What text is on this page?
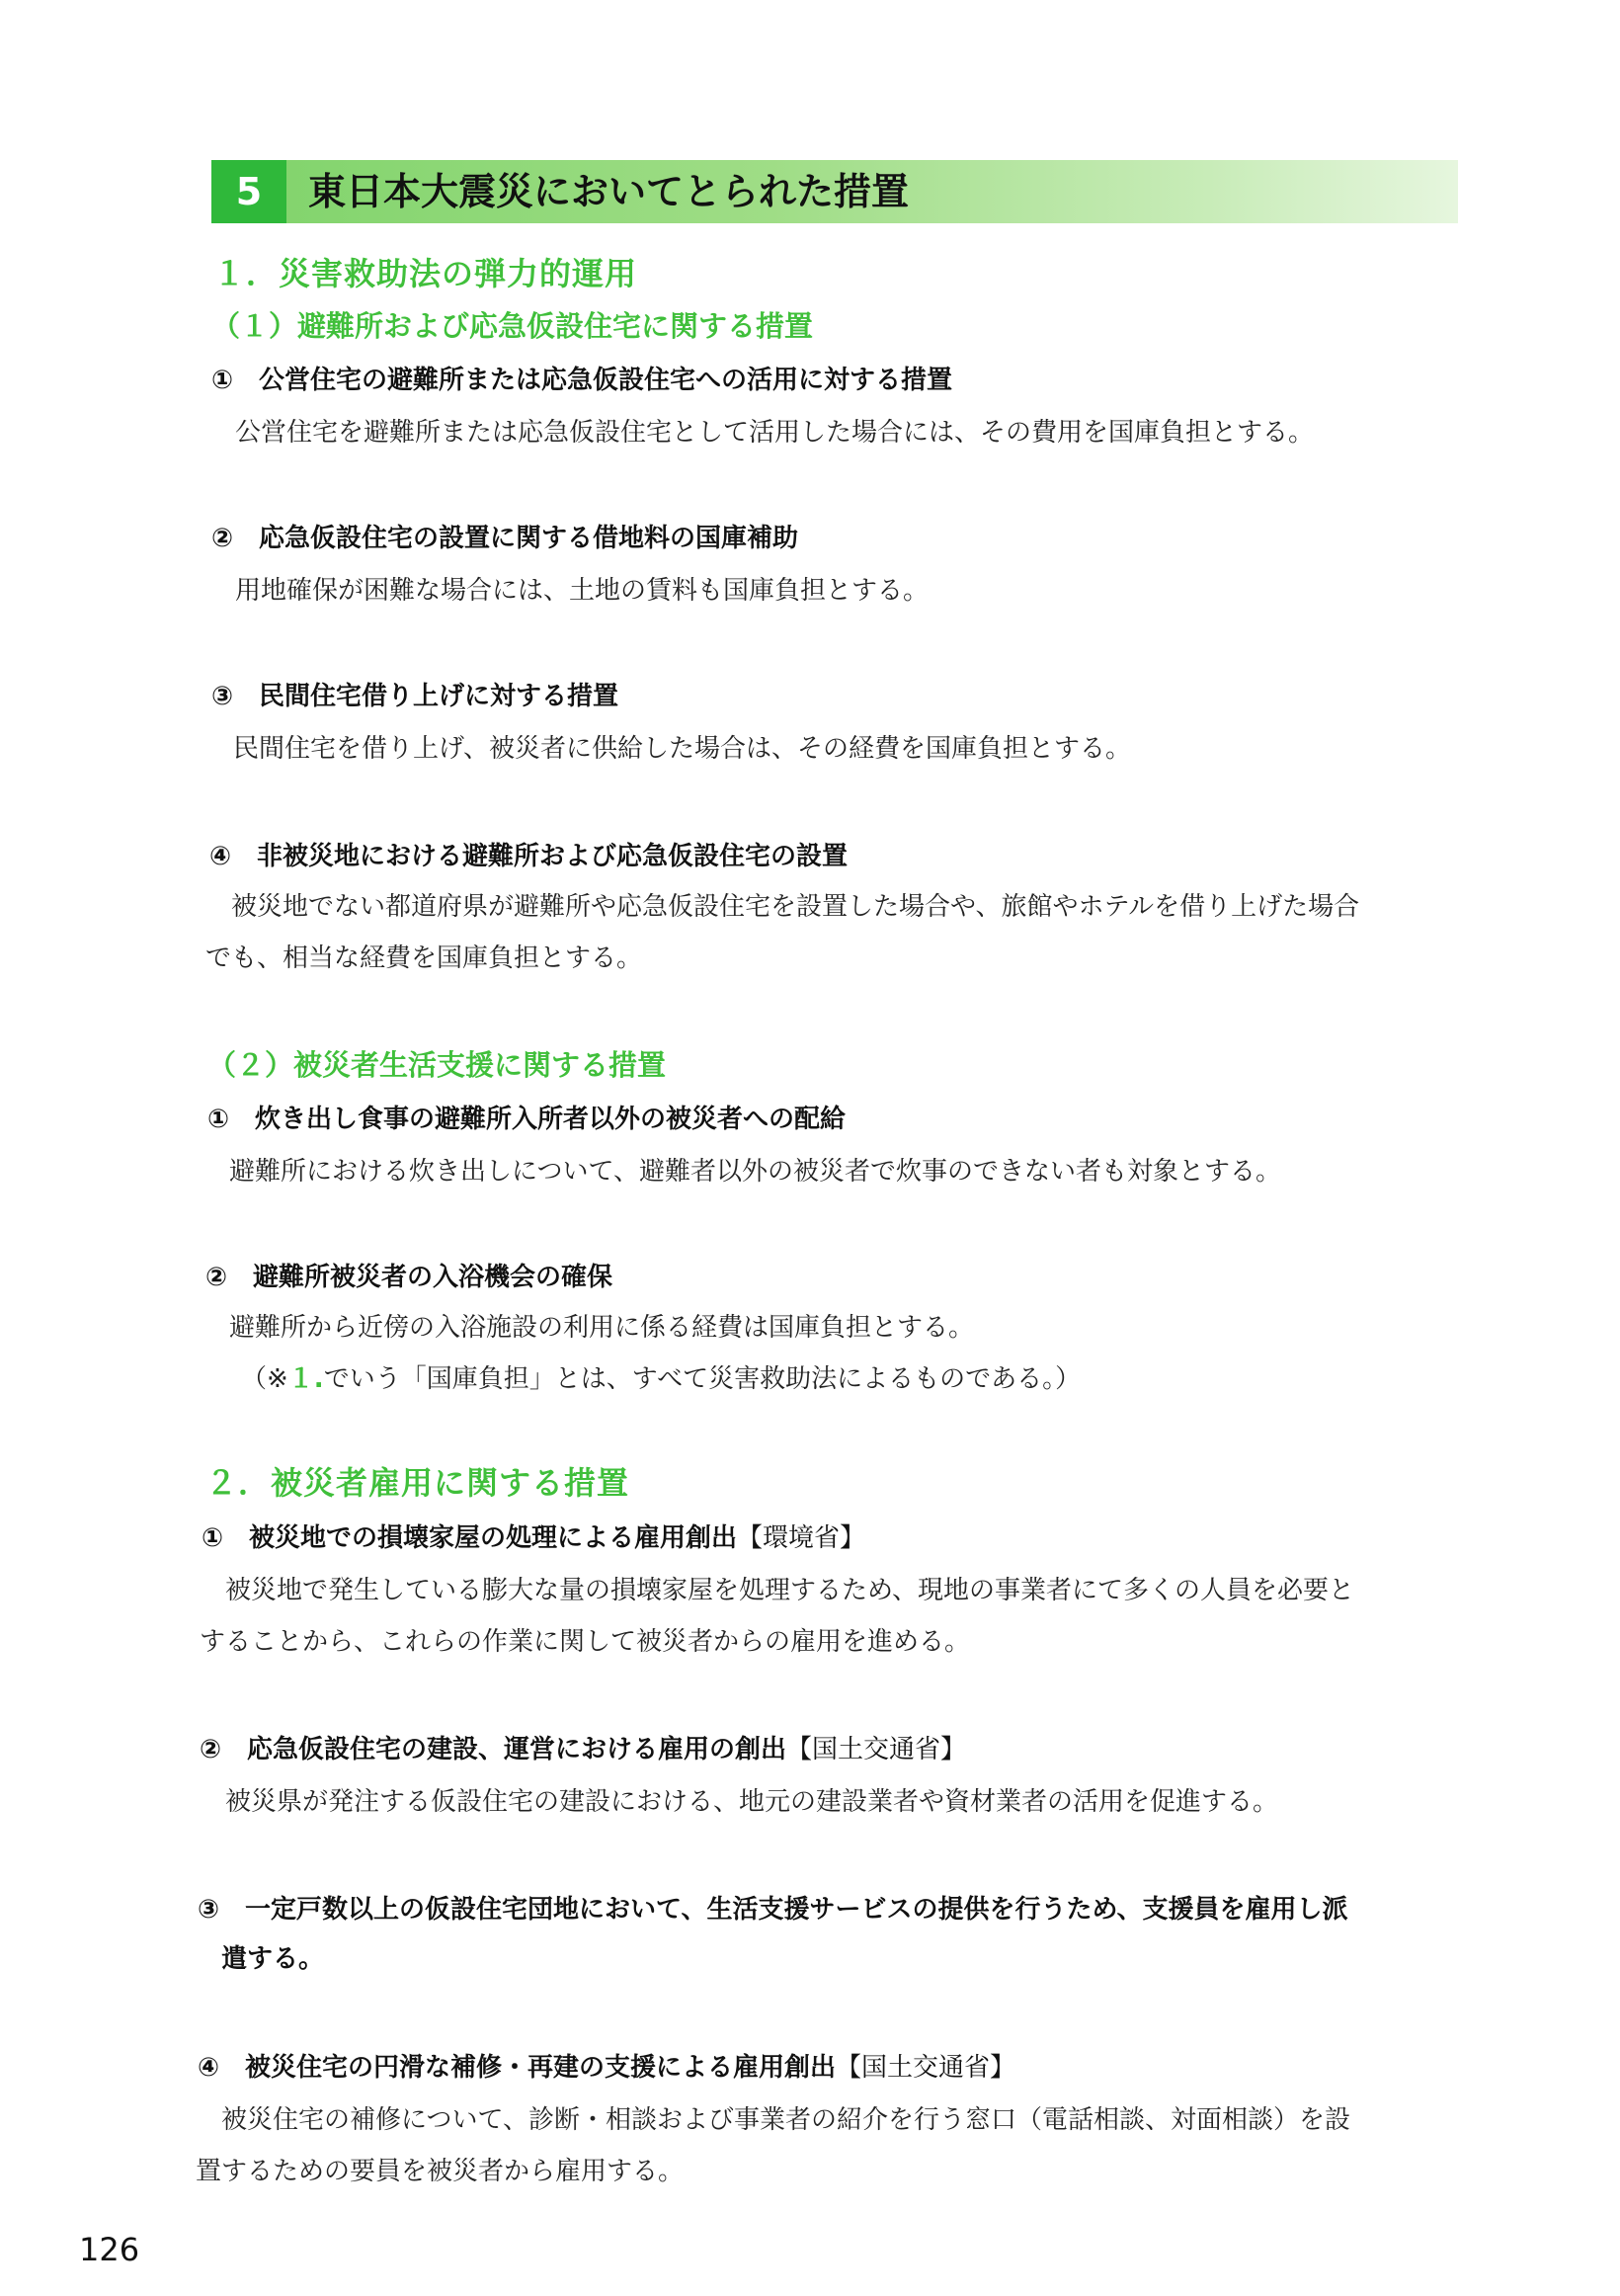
5	東日本大震災においてとられた措置
１．災害救助法の弾力的運用
（１）避難所および応急仮設住宅に関する措置
①　公営住宅の避難所または応急仮設住宅への活用に対する措置
公営住宅を避難所または応急仮設住宅として活用した場合には、その費用を国庫負担とする。
②　応急仮設住宅の設置に関する借地料の国庫補助
用地確保が困難な場合には、土地の賃料も国庫負担とする。
③　民間住宅借り上げに対する措置
民間住宅を借り上げ、被災者に供給した場合は、その経費を国庫負担とする。
④　非被災地における避難所および応急仮設住宅の設置
被災地でない都道府県が避難所や応急仮設住宅を設置した場合や、旅館やホテルを借り上げた場合
でも、相当な経費を国庫負担とする。
（２）被災者生活支援に関する措置
①　炊き出し食事の避難所入所者以外の被災者への配給
避難所における炊き出しについて、避難者以外の被災者で炊事のできない者も対象とする。
②　避難所被災者の入浴機会の確保
避難所から近傍の入浴施設の利用に係る経費は国庫負担とする。
（※１.でいう「国庫負担」とは、すべて災害救助法によるものである。）
２．被災者雇用に関する措置
①　被災地での損壊家屋の処理による雇用創出【環境省】
被災地で発生している膨大な量の損壊家屋を処理するため、現地の事業者にて多くの人員を必要と
することから、これらの作業に関して被災者からの雇用を進める。
②　応急仮設住宅の建設、運営における雇用の創出【国土交通省】
被災県が発注する仮設住宅の建設における、地元の建設業者や資材業者の活用を促進する。
③　一定戸数以上の仮設住宅団地において、生活支援サービスの提供を行うため、支援員を雇用し派
遣する。
④　被災住宅の円滑な補修・再建の支援による雇用創出【国土交通省】
被災住宅の補修について、診断・相談および事業者の紹介を行う窓口（電話相談、対面相談）を設
置するための要員を被災者から雇用する。
126
